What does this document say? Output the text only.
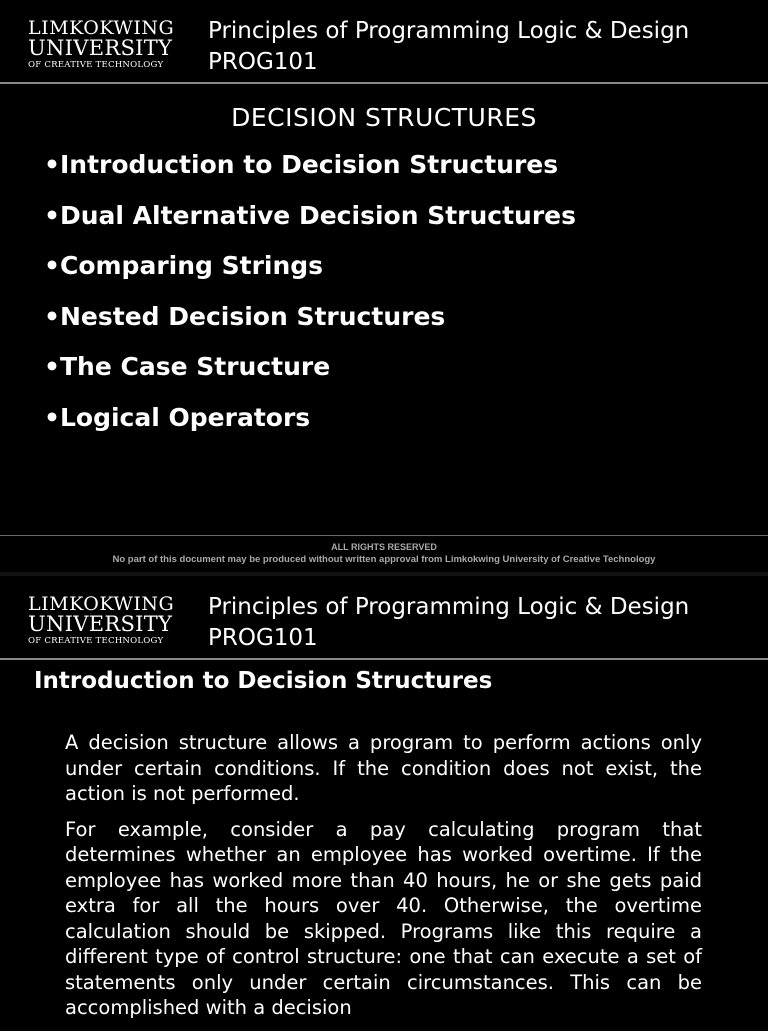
LIMKOKWING
UNIVERSITY
OF CREATIVE TECHNOLOGY
Principles of Programming Logic & Design
PROG101
DECISION STRUCTURES
•Introduction to Decision Structures
•Dual Alternative Decision Structures
•Comparing Strings
•Nested Decision Structures
•The Case Structure
•Logical Operators
ALL RIGHTS RESERVED
No part of this document may be produced without written approval from Limkokwing University of Creative Technology
LIMKOKWING
UNIVERSITY
OF CREATIVE TECHNOLOGY
Principles of Programming Logic & Design
PROG101
Introduction to Decision Structures

A decision structure allows a program to perform actions only under certain conditions. If the condition does not exist, the action is not performed.

For example, consider a pay calculating program that determines whether an employee has worked overtime. If the employee has worked more than 40 hours, he or she gets paid extra for all the hours over 40. Otherwise, the overtime calculation should be skipped. Programs like this require a different type of control structure: one that can execute a set of statements only under certain circumstances. This can be accomplished with a decision
